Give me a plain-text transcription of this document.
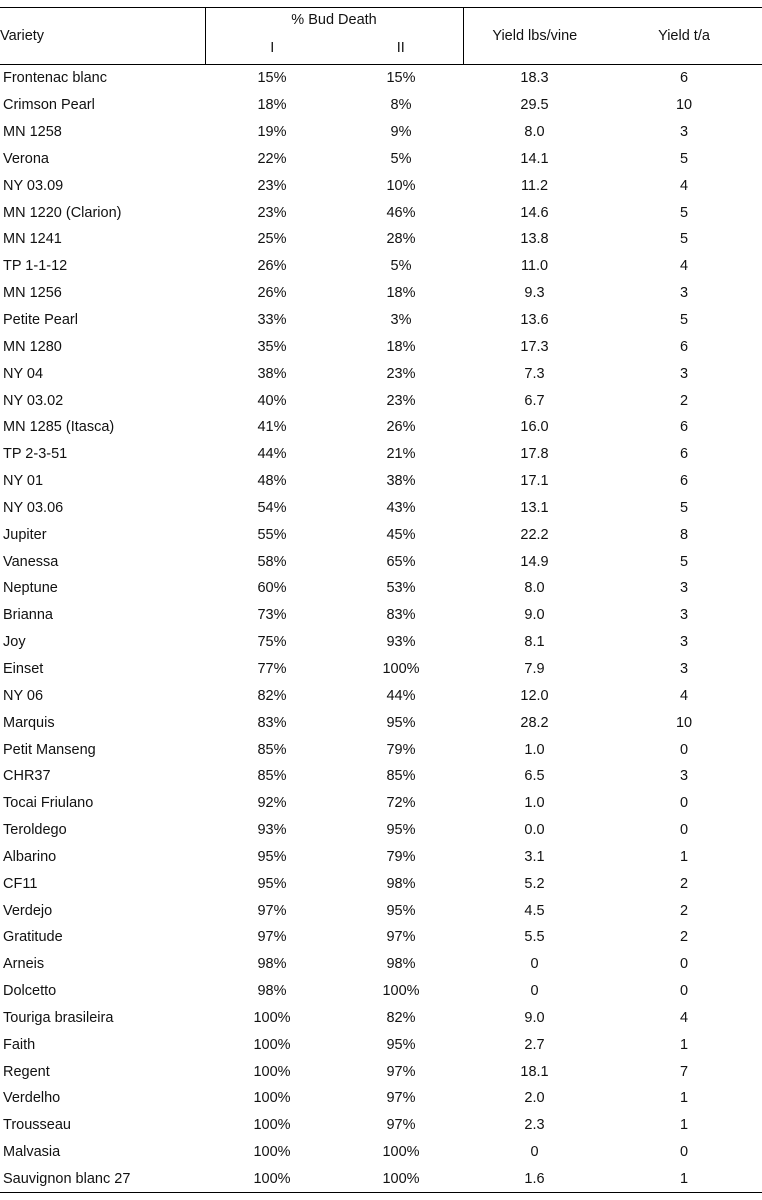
Variety	% Bud Death		Yield lbs/vine	Yield t/a
	I	II		
Frontenac blanc	15%	15%	18.3	6
Crimson Pearl	18%	8%	29.5	10
MN 1258	19%	9%	8.0	3
Verona	22%	5%	14.1	5
NY 03.09	23%	10%	11.2	4
MN 1220 (Clarion)	23%	46%	14.6	5
MN 1241	25%	28%	13.8	5
TP 1-1-12	26%	5%	11.0	4
MN 1256	26%	18%	9.3	3
Petite Pearl	33%	3%	13.6	5
MN 1280	35%	18%	17.3	6
NY 04	38%	23%	7.3	3
NY 03.02	40%	23%	6.7	2
MN 1285 (Itasca)	41%	26%	16.0	6
TP 2-3-51	44%	21%	17.8	6
NY 01	48%	38%	17.1	6
NY 03.06	54%	43%	13.1	5
Jupiter	55%	45%	22.2	8
Vanessa	58%	65%	14.9	5
Neptune	60%	53%	8.0	3
Brianna	73%	83%	9.0	3
Joy	75%	93%	8.1	3
Einset	77%	100%	7.9	3
NY 06	82%	44%	12.0	4
Marquis	83%	95%	28.2	10
Petit Manseng	85%	79%	1.0	0
CHR37	85%	85%	6.5	3
Tocai Friulano	92%	72%	1.0	0
Teroldego	93%	95%	0.0	0
Albarino	95%	79%	3.1	1
CF11	95%	98%	5.2	2
Verdejo	97%	95%	4.5	2
Gratitude	97%	97%	5.5	2
Arneis	98%	98%	0	0
Dolcetto	98%	100%	0	0
Touriga brasileira	100%	82%	9.0	4
Faith	100%	95%	2.7	1
Regent	100%	97%	18.1	7
Verdelho	100%	97%	2.0	1
Trousseau	100%	97%	2.3	1
Malvasia	100%	100%	0	0
Sauvignon blanc 27	100%	100%	1.6	1
